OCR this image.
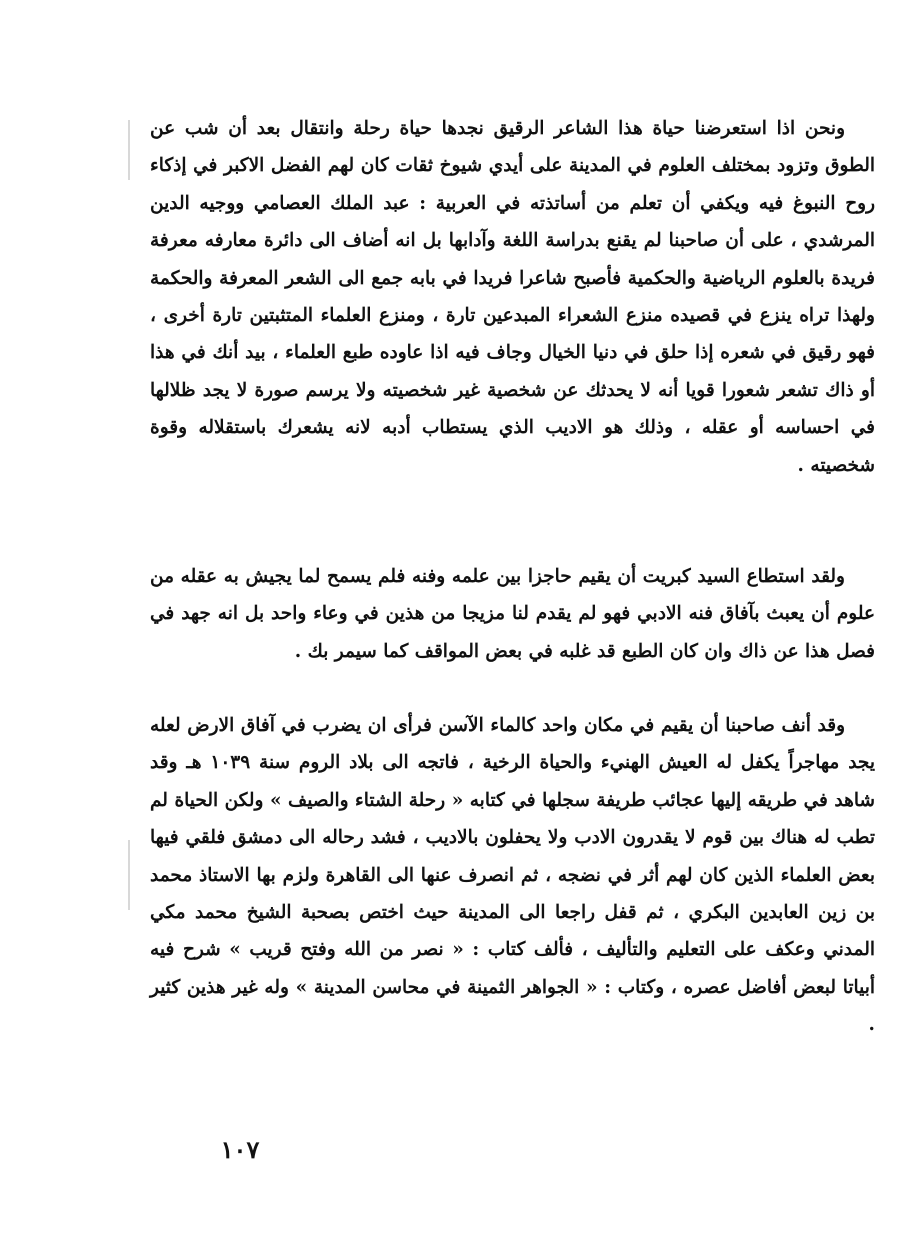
ونحن اذا استعرضنا حياة هذا الشاعر الرقيق نجدها حياة رحلة وانتقال بعد أن شب عن الطوق وتزود بمختلف العلوم في المدينة على أيدي شيوخ ثقات كان لهم الفضل الاكبر في إذكاء روح النبوغ فيه ويكفي أن تعلم من أساتذته في العربية : عبد الملك العصامي ووجيه الدين المرشدي ، على أن صاحبنا لم يقنع بدراسة اللغة وآدابها بل انه أضاف الى دائرة معارفه معرفة فريدة بالعلوم الرياضية والحكمية فأصبح شاعرا فريدا في بابه جمع الى الشعر المعرفة والحكمة ولهذا تراه ينزع في قصيده منزع الشعراء المبدعين تارة ، ومنزع العلماء المتثبتين تارة أخرى ، فهو رقيق في شعره إذا حلق في دنيا الخيال وجاف فيه اذا عاوده طبع العلماء ، بيد أنك في هذا أو ذاك تشعر شعورا قويا أنه لا يحدثك عن شخصية غير شخصيته ولا يرسم صورة لا يجد ظلالها في احساسه أو عقله ، وذلك هو الاديب الذي يستطاب أدبه لانه يشعرك باستقلاله وقوة شخصيته .

ولقد استطاع السيد كبريت أن يقيم حاجزا بين علمه وفنه فلم يسمح لما يجيش به عقله من علوم أن يعبث بآفاق فنه الادبي فهو لم يقدم لنا مزيجا من هذين في وعاء واحد بل انه جهد في فصل هذا عن ذاك وان كان الطبع قد غلبه في بعض المواقف كما سيمر بك .

وقد أنف صاحبنا أن يقيم في مكان واحد كالماء الآسن فرأى ان يضرب في آفاق الارض لعله يجد مهاجراً يكفل له العيش الهنيء والحياة الرخية ، فاتجه الى بلاد الروم سنة ١٠٣٩ هـ وقد شاهد في طريقه إليها عجائب طريفة سجلها في كتابه « رحلة الشتاء والصيف » ولكن الحياة لم تطب له هناك بين قوم لا يقدرون الادب ولا يحفلون بالاديب ، فشد رحاله الى دمشق فلقي فيها بعض العلماء الذين كان لهم أثر في نضجه ، ثم انصرف عنها الى القاهرة ولزم بها الاستاذ محمد بن زين العابدين البكري ، ثم قفل راجعا الى المدينة حيث اختص بصحبة الشيخ محمد مكي المدني وعكف على التعليم والتأليف ، فألف كتاب : « نصر من الله وفتح قريب » شرح فيه أبياتا لبعض أفاضل عصره ، وكتاب : « الجواهر الثمينة في محاسن المدينة » وله غير هذين كثير .

١٠٧
